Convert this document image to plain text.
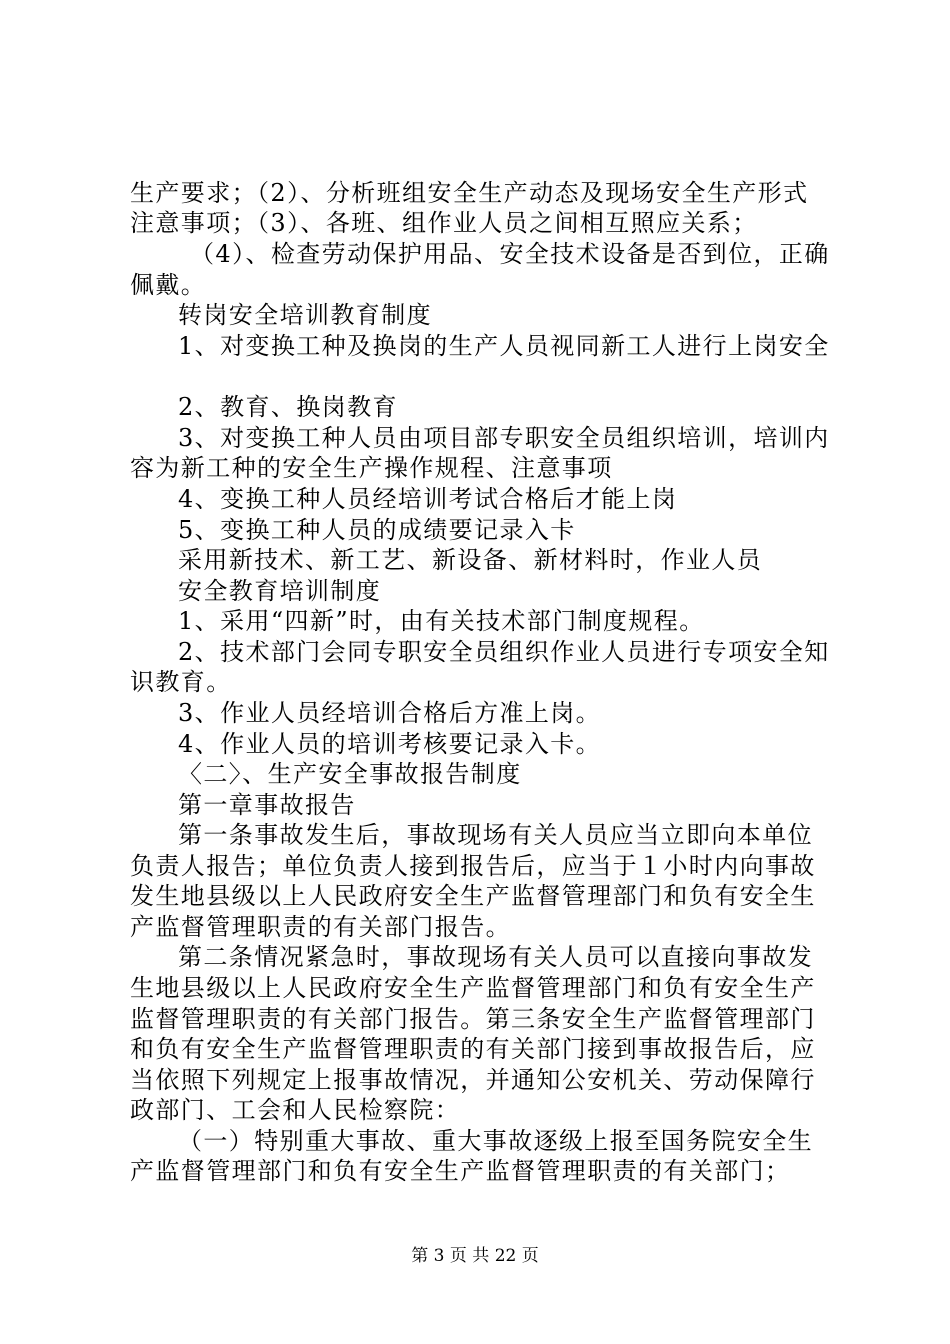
生产要求；（2）、分析班组安全生产动态及现场安全生产形式

注意事项；（3）、各班、组作业人员之间相互照应关系；

（4）、检查劳动保护用品、安全技术设备是否到位，正确

佩戴。

转岗安全培训教育制度

1、对变换工种及换岗的生产人员视同新工人进行上岗安全

2、教育、换岗教育

3、对变换工种人员由项目部专职安全员组织培训，培训内

容为新工种的安全生产操作规程、注意事项

4、变换工种人员经培训考试合格后才能上岗

5、变换工种人员的成绩要记录入卡

采用新技术、新工艺、新设备、新材料时，作业人员

安全教育培训制度

1、采用“四新”时，由有关技术部门制度规程。

2、技术部门会同专职安全员组织作业人员进行专项安全知

识教育。

3、作业人员经培训合格后方准上岗。

4、作业人员的培训考核要记录入卡。

〈二〉、生产安全事故报告制度

第一章事故报告

第一条事故发生后，事故现场有关人员应当立即向本单位

负责人报告；单位负责人接到报告后，应当于１小时内向事故

发生地县级以上人民政府安全生产监督管理部门和负有安全生

产监督管理职责的有关部门报告。

第二条情况紧急时，事故现场有关人员可以直接向事故发

生地县级以上人民政府安全生产监督管理部门和负有安全生产

监督管理职责的有关部门报告。第三条安全生产监督管理部门

和负有安全生产监督管理职责的有关部门接到事故报告后，应

当依照下列规定上报事故情况，并通知公安机关、劳动保障行

政部门、工会和人民检察院：

（一）特别重大事故、重大事故逐级上报至国务院安全生

产监督管理部门和负有安全生产监督管理职责的有关部门；

第 3 页 共 22 页
